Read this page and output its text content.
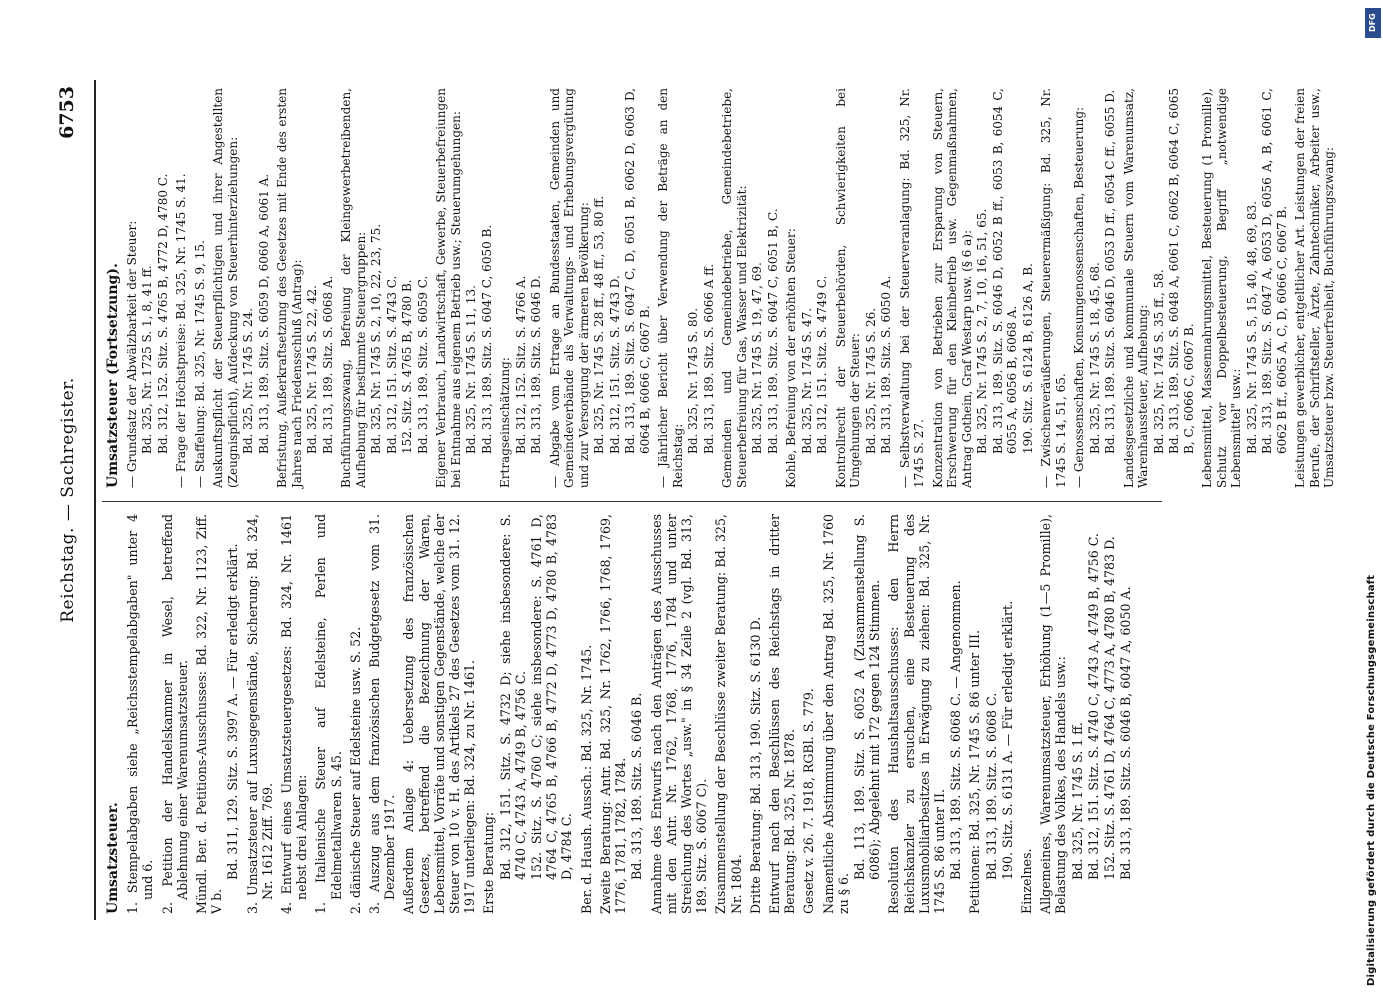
Reichstag. — Sachregister.
6753

Umsatzsteuer. 1. Stempelabgaben siehe „Reichsstempelabgaben" unter 4 und 6. 2. Petition der Handelskammer in Wesel, betreffend Ablehnung einer Warenumsatzsteuer. Mündl. Ber. d. Petitions-Ausschusses: Bd. 322, Nr. 1123, Ziff. V b.

Bd. 311, 129. Sitz. S. 3997 A. — Für erledigt erklärt. 3. Umsatzsteuer auf Luxusgegenstände, Sicherung: Bd. 324, Nr. 1612 Ziff. 769. 4. Entwurf eines Umsatzsteuergesetzes: Bd. 324, Nr. 1461 nebst drei Anlagen: 1. Italienische Steuer auf Edelsteine, Perlen und Edelmetallwaren S. 45. 2. dänische Steuer auf Edelsteine usw. S. 52. 3. Auszug aus dem französischen Budgetgesetz vom 31. Dezember 1917. Außerdem Anlage 4: Uebersetzung des französischen Gesetzes, betreffend die Bezeichnung der Waren, Lebensmittel, Vorräte und sonstigen Gegenstände, welche der Steuer von 10 v. H. des Artikels 27 des Gesetzes vom 31. 12. 1917 unterliegen: Bd. 324, zu Nr. 1461. Erste Beratung: Bd. 312, 151. Sitz. S. 4732 D; siehe insbesondere: S. 4740 C, 4743 A, 4749 B, 4756 C. 152. Sitz. S. 4760 C; siehe insbesondere: S. 4761 D, 4764 C, 4765 B, 4766 B, 4772 D, 4773 D, 4780 B, 4783 D, 4784 C. Ber. d. Haush. Aussch.: Bd. 325, Nr. 1745. Zweite Beratung: Antr. Bd. 325, Nr. 1762, 1766, 1768, 1769, 1776, 1781, 1782, 1784. Bd. 313, 189. Sitz. S. 6046 B. Annahme des Entwurfs nach den Anträgen des Ausschusses mit den Antr. Nr. 1762, 1768, 1776, 1784 und unter Streichung des Wortes „usw." in § 34 Zeile 2 (vgl. Bd. 313, 189. Sitz. S. 6067 C). Zusammenstellung der Beschlüsse zweiter Beratung: Bd. 325, Nr. 1804. Dritte Beratung: Bd. 313, 190. Sitz. S. 6130 D. Entwurf nach den Beschlüssen des Reichstags in dritter Beratung: Bd. 325, Nr. 1878. Gesetz v. 26. 7. 1918, RGBl. S. 779. Namentliche Abstimmung über den Antrag Bd. 325, Nr. 1760 zu § 6.

Bd. 113, 189. Sitz. S. 6052 A (Zusammenstellung S. 6086); Abgelehnt mit 172 gegen 124 Stimmen. Resolution des Haushaltsausschusses: den Herrn Reichskanzler zu ersuchen, eine Besteuerung des Luxusmobiliarbesitzes in Erwägung zu ziehen: Bd. 325, Nr. 1745 S. 86 unter II. Bd. 313, 189. Sitz. S. 6068 C. — Angenommen. Petitionen: Bd. 325, Nr. 1745 S. 86 unter III. Bd. 313, 189. Sitz. S. 6068 C. 190. Sitz. S. 6131 A. — Für erledigt erklärt.

Einzelnes. Allgemeines, Warenumsatzsteuer, Erhöhung (1—5 Promille), Belastung des Volkes, des Handels usw.: Bd. 325, Nr. 1745 S. 1 ff. Bd. 312, 151. Sitz. S. 4740 C, 4743 A, 4749 B, 4756 C. 152. Sitz. S. 4761 D, 4764 C, 4773 A, 4780 B, 4783 D. Bd. 313, 189. Sitz. S. 6046 B, 6047 A, 6050 A.

Umsatzsteuer (Fortsetzung). — Grundsatz der Abwälzbarkeit der Steuer: Bd. 325, Nr. 1725 S. 1, 8, 41 ff. Bd. 312, 152. Sitz. S. 4765 B, 4772 D, 4780 C. — Frage der Höchstpreise: Bd. 325, Nr. 1745 S. 41. — Staffelung: Bd. 325, Nr. 1745 S. 9, 15. Auskunftspflicht der Steuerpflichtigen und ihrer Angestellten (Zeugnispflicht), Aufdeckung von Steuerhinterziehungen: Bd. 325, Nr. 1745 S. 24. Bd. 313, 189. Sitz. S. 6059 D, 6060 A, 6061 A. Befristung, Außerkraftsetzung des Gesetzes mit Ende des ersten Jahres nach Friedensschluß (Antrag): Bd. 325, Nr. 1745 S. 22, 42. Bd. 313, 189. Sitz. S. 6068 A. Buchführungszwang, Befreiung der Kleingewerbetreibenden, Aufhebung für bestimmte Steuergruppen: Bd. 325, Nr. 1745 S. 2, 10, 22, 23, 75. Bd. 312, 151. Sitz. S. 4743 C. 152. Sitz. S. 4765 B, 4780 B. Bd. 313, 189. Sitz. S. 6059 C. Eigener Verbrauch, Landwirtschaft, Gewerbe, Steuerbefreiungen bei Entnahme aus eigenem Betrieb usw.; Steuerumgehungen: Bd. 325, Nr. 1745 S. 11, 13. Bd. 313, 189. Sitz. S. 6047 C, 6050 B. Ertragseinschätzung: Bd. 312, 152. Sitz. S. 4766 A. Bd. 313, 189. Sitz. S. 6046 D. — Abgabe vom Ertrage an Bundesstaaten, Gemeinden und Gemeindeverbände als Verwaltungs- und Erhebungsvergütung und zur Versorgung der ärmeren Bevölkerung: Bd. 325, Nr. 1745 S. 28 ff., 48 ff., 53, 80 ff. Bd. 312, 151. Sitz. S. 4743 D. Bd. 313, 189. Sitz. S. 6047 C, D, 6051 B, 6062 D, 6063 D, 6064 B, 6066 C, 6067 B. — Jährlicher Bericht über Verwendung der Beträge an den Reichstag:

Bd. 325, Nr. 1745 S. 80. Bd. 313, 189. Sitz. S. 6066 A ff. Gemeinden und Gemeindebetriebe, Gemeindebetriebe, Steuerbefreiung für Gas, Wasser und Elektrizität: Bd. 325, Nr. 1745 S. 19, 47, 69. Bd. 313, 189. Sitz. S. 6047 C, 6051 B, C. Kohle, Befreiung von der erhöhten Steuer: Bd. 325, Nr. 1745 S. 47. Bd. 312, 151. Sitz. S. 4749 C. Kontrollrecht der Steuerbehörden, Schwierigkeiten bei Umgehungen der Steuer: Bd. 325, Nr. 1745 S. 26. Bd. 313, 189. Sitz. S. 6050 A. — Selbstverwaltung bei der Steuerveranlagung: Bd. 325, Nr. 1745 S. 27. Konzentration von Betrieben zur Ersparung von Steuern, Erschwerung für den Kleinbetrieb usw. Gegenmaßnahmen, Antrag Gothein, Graf Westarp usw. (§ 6 a): Bd. 325, Nr. 1745 S. 2, 7, 10, 16, 51, 65. Bd. 313, 189. Sitz. S. 6046 D, 6052 B ff., 6053 B, 6054 C, 6055 A, 6056 B, 6068 A. 190. Sitz. S. 6124 B, 6126 A, B. — Zwischenveräußerungen, Steuerermäßigung: Bd. 325, Nr. 1745 S. 14, 51, 65. — Genossenschaften, Konsumgenossenschaften, Besteuerung: Bd. 325, Nr. 1745 S. 18, 45, 68. Bd. 313, 189. Sitz. S. 6046 D, 6053 D ff., 6054 C ff., 6055 D. Landesgesetzliche und kommunale Steuern vom Warenumsatz, Warenhaussteuer, Aufhebung: Bd. 325, Nr. 1745 S. 35 ff., 58. Bd. 313, 189. Sitz. S. 6048 A, 6061 C, 6062 B, 6064 C, 6065 B, C, 6066 C, 6067 B. Lebensmittel, Massennahrungsmittel, Besteuerung (1 Promille), Schutz vor Doppelbesteuerung, Begriff „notwendige Lebensmittel" usw.: Bd. 325, Nr. 1745 S. 5, 15, 40, 48, 69, 83. Bd. 313, 189. Sitz. S. 6047 A, 6053 D, 6056 A, B, 6061 C, 6062 B ff., 6065 A, C, D, 6066 C, 6067 B. Leistungen gewerblicher, entgeltlicher Art. Leistungen der freien Berufe, der Schriftsteller, Ärzte, Zahntechniker, Arbeiter usw., Umsatzsteuer bzw. Steuerfreiheit, Buchführungszwang:

DFG
Digitalisierung gefördert durch die Deutsche Forschungsgemeinschaft
